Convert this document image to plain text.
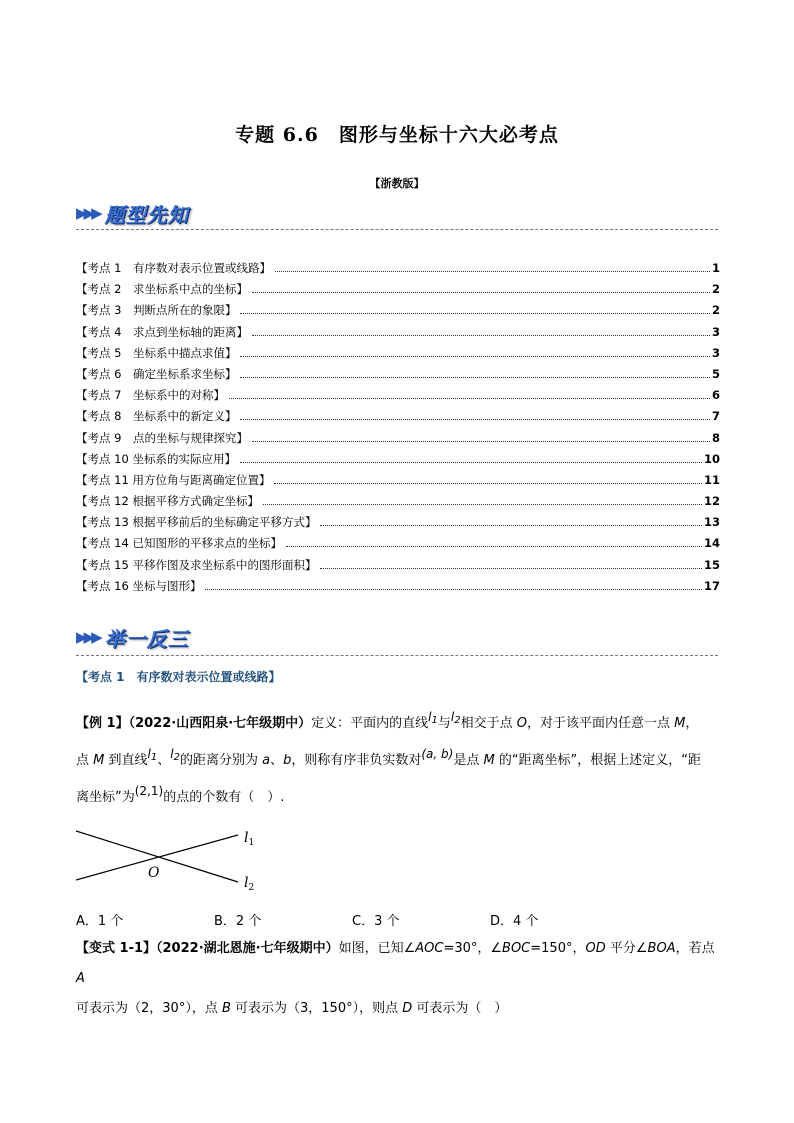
专题 6.6　图形与坐标十六大必考点
【浙教版】
▶▶▶ 题型先知
【考点 1　有序数对表示位置或线路】	1
【考点 2　求坐标系中点的坐标】	2
【考点 3　判断点所在的象限】	2
【考点 4　求点到坐标轴的距离】	3
【考点 5　坐标系中描点求值】	3
【考点 6　确定坐标系求坐标】	5
【考点 7　坐标系中的对称】	6
【考点 8　坐标系中的新定义】	7
【考点 9　点的坐标与规律探究】	8
【考点 10 坐标系的实际应用】	10
【考点 11 用方位角与距离确定位置】	11
【考点 12 根据平移方式确定坐标】	12
【考点 13 根据平移前后的坐标确定平移方式】	13
【考点 14 已知图形的平移求点的坐标】	14
【考点 15 平移作图及求坐标系中的图形面积】	15
【考点 16 坐标与图形】	17
▶▶▶ 举一反三
【考点 1　有序数对表示位置或线路】
【例 1】（2022·山西阳泉·七年级期中）定义：平面内的直线$l_1$与$l_2$相交于点 O，对于该平面内任意一点 M，
点 M 到直线$l_1$、$l_2$的距离分别为 a、b，则称有序非负实数对(a, b)是点 M 的“距离坐标”，根据上述定义，“距
离坐标”为(2,1)的点的个数有（　）.
$l_1$
$l_2$
O
A．1 个	B．2 个	C．3 个	D．4 个
【变式 1-1】（2022·湖北恩施·七年级期中）如图，已知∠AOC=30°，∠BOC=150°，OD 平分∠BOA，若点 A
可表示为（2，30°），点 B 可表示为（3，150°），则点 D 可表示为（　）
